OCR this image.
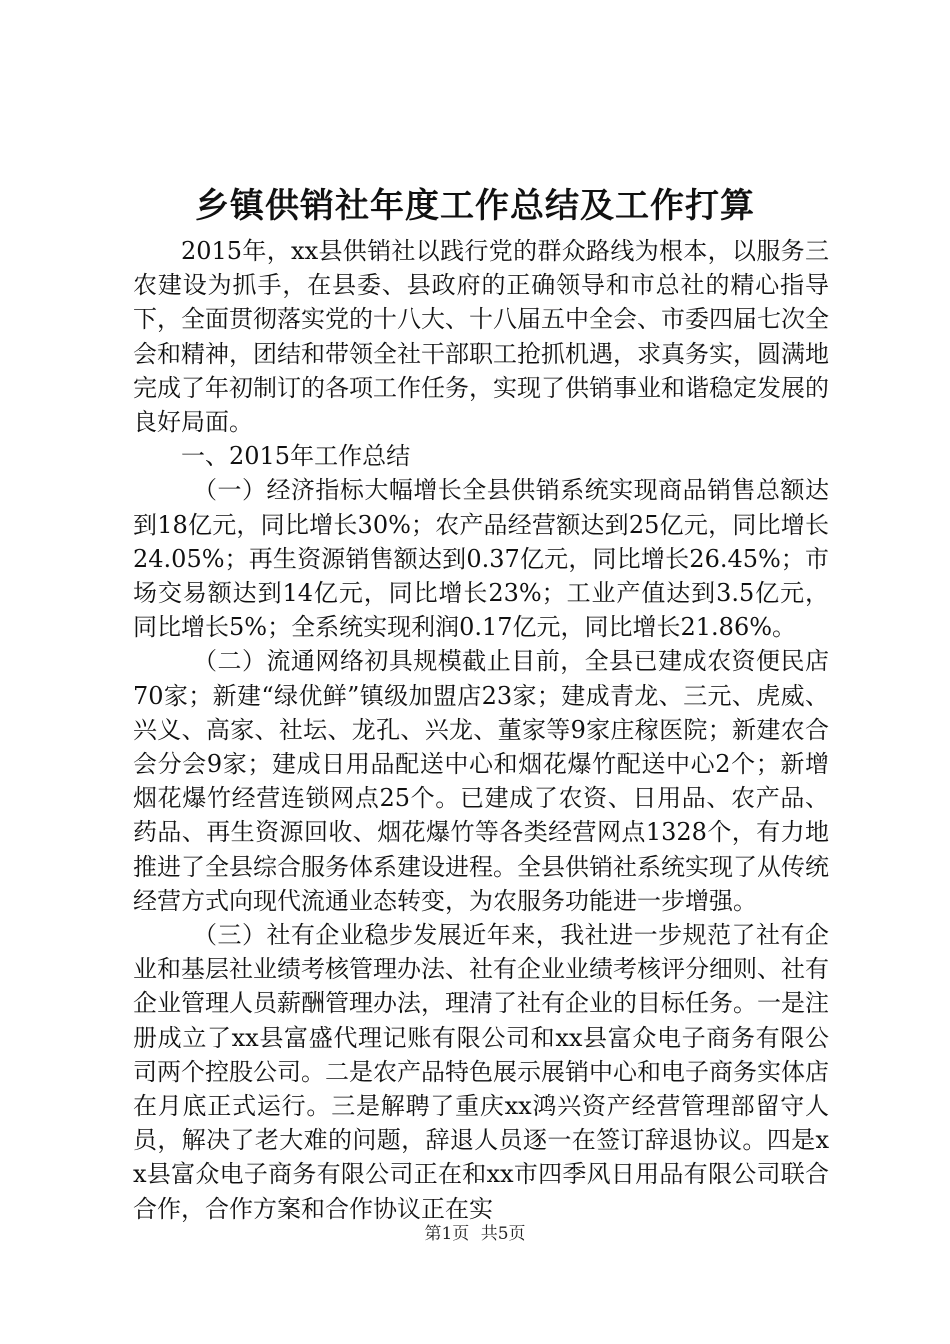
乡镇供销社年度工作总结及工作打算

2015年，xx县供销社以践行党的群众路线为根本，以服务三农建设为抓手，在县委、县政府的正确领导和市总社的精心指导下，全面贯彻落实党的十八大、十八届五中全会、市委四届七次全会和精神，团结和带领全社干部职工抢抓机遇，求真务实，圆满地完成了年初制订的各项工作任务，实现了供销事业和谐稳定发展的良好局面。

一、2015年工作总结

（一）经济指标大幅增长全县供销系统实现商品销售总额达到18亿元，同比增长30%；农产品经营额达到25亿元，同比增长24.05%；再生资源销售额达到0.37亿元，同比增长26.45%；市场交易额达到14亿元，同比增长23%；工业产值达到3.5亿元，同比增长5%；全系统实现利润0.17亿元，同比增长21.86%。

（二）流通网络初具规模截止目前，全县已建成农资便民店70家；新建“绿优鲜”镇级加盟店23家；建成青龙、三元、虎威、兴义、高家、社坛、龙孔、兴龙、董家等9家庄稼医院；新建农合会分会9家；建成日用品配送中心和烟花爆竹配送中心2个；新增烟花爆竹经营连锁网点25个。已建成了农资、日用品、农产品、药品、再生资源回收、烟花爆竹等各类经营网点1328个，有力地推进了全县综合服务体系建设进程。全县供销社系统实现了从传统经营方式向现代流通业态转变，为农服务功能进一步增强。

（三）社有企业稳步发展近年来，我社进一步规范了社有企业和基层社业绩考核管理办法、社有企业业绩考核评分细则、社有企业管理人员薪酬管理办法，理清了社有企业的目标任务。一是注册成立了xx县富盛代理记账有限公司和xx县富众电子商务有限公司两个控股公司。二是农产品特色展示展销中心和电子商务实体店在月底正式运行。三是解聘了重庆xx鸿兴资产经营管理部留守人员，解决了老大难的问题，辞退人员逐一在签订辞退协议。四是xx县富众电子商务有限公司正在和xx市四季风日用品有限公司联合合作，合作方案和合作协议正在实

第1页 共5页
